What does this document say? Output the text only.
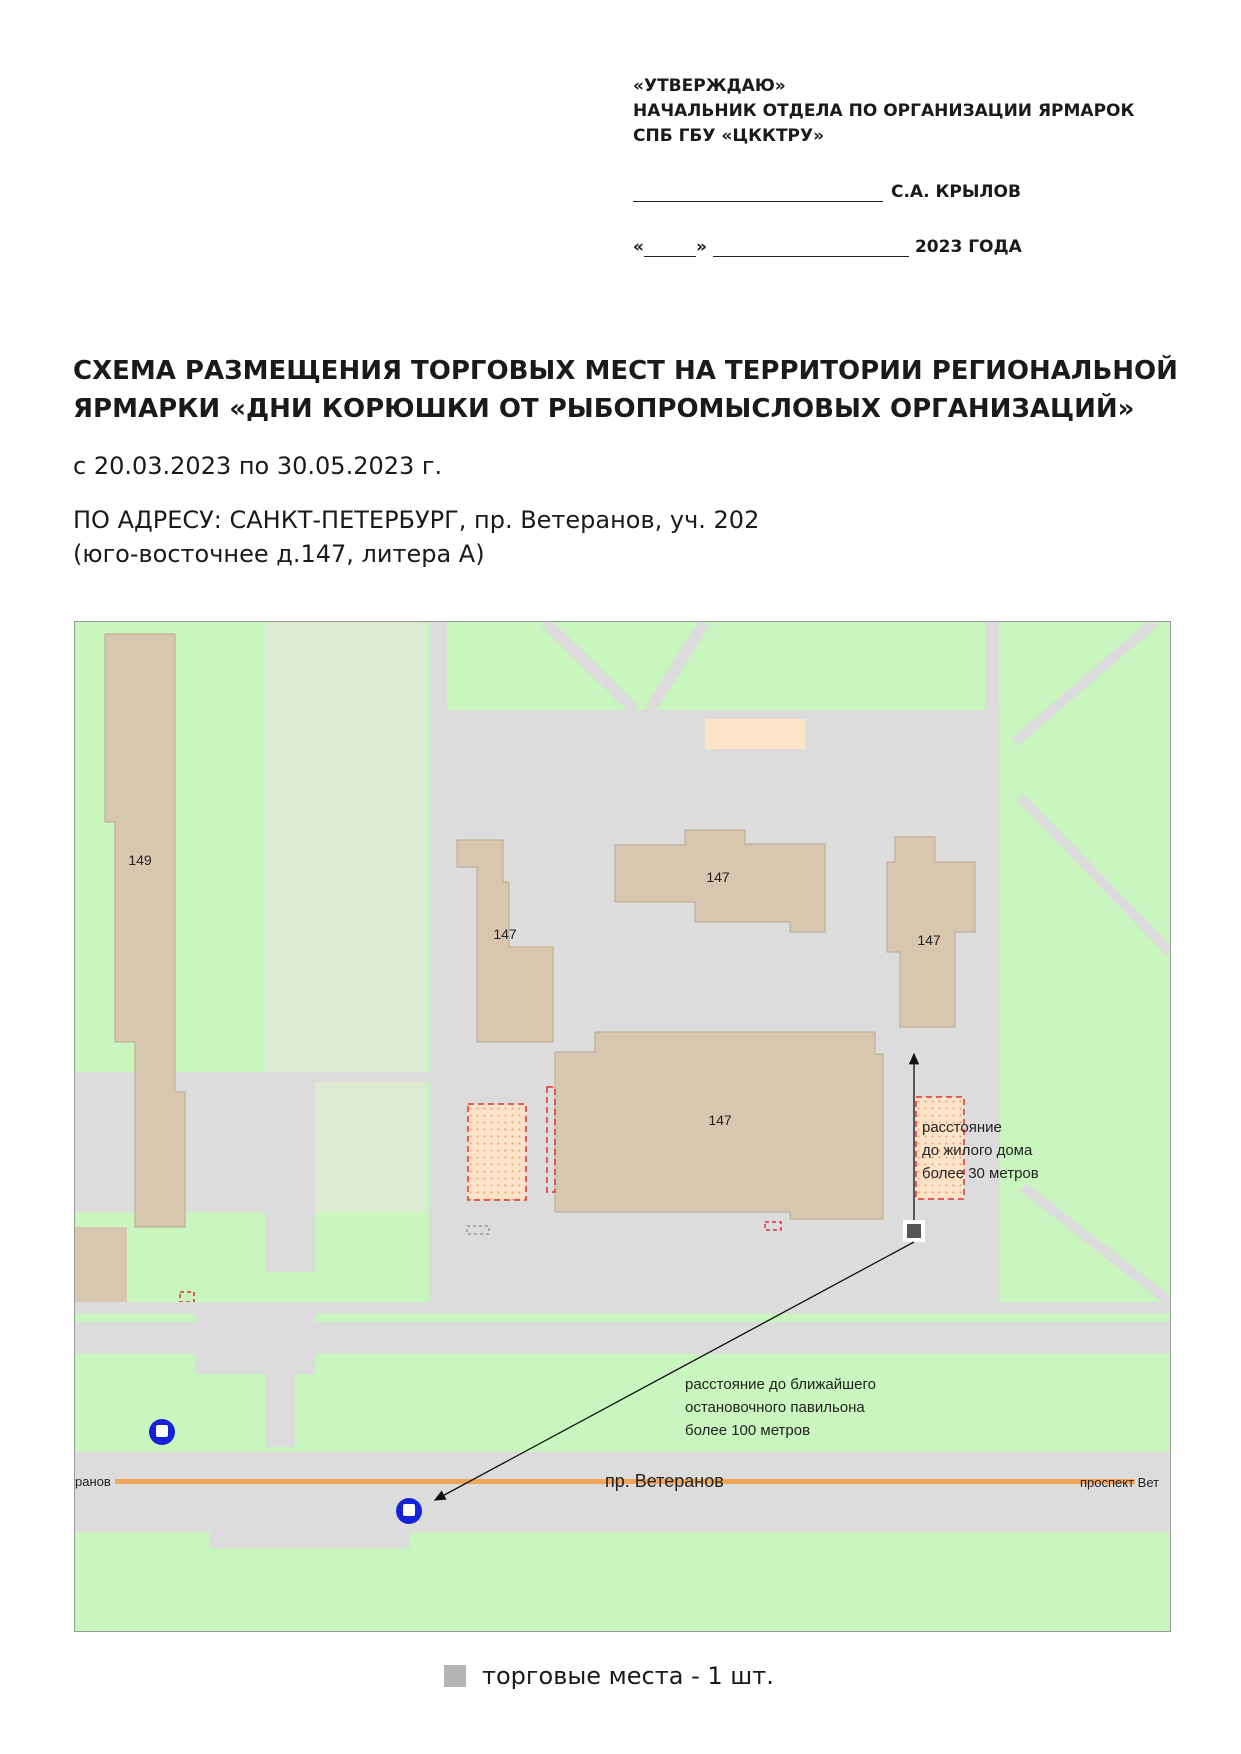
«УТВЕРЖДАЮ»
НАЧАЛЬНИК ОТДЕЛА ПО ОРГАНИЗАЦИИ ЯРМАРОК
СПБ ГБУ «ЦККТРУ»
С.А. КРЫЛОВ
«	»	2023 ГОДА
СХЕМА РАЗМЕЩЕНИЯ ТОРГОВЫХ МЕСТ НА ТЕРРИТОРИИ РЕГИОНАЛЬНОЙ
ЯРМАРКИ «ДНИ КОРЮШКИ ОТ РЫБОПРОМЫСЛОВЫХ ОРГАНИЗАЦИЙ»
с 20.03.2023 по 30.05.2023 г.
ПО АДРЕСУ: САНКТ-ПЕТЕРБУРГ, пр. Ветеранов, уч. 202
(юго-восточнее д.147, литера А)
149
147
147
147
147
пр. Ветеранов
ранов	проспект Вет
расстояние
до жилого дома
более 30 метров
расстояние до ближайшего
остановочного павильона
более 100 метров
торговые места - 1 шт.
